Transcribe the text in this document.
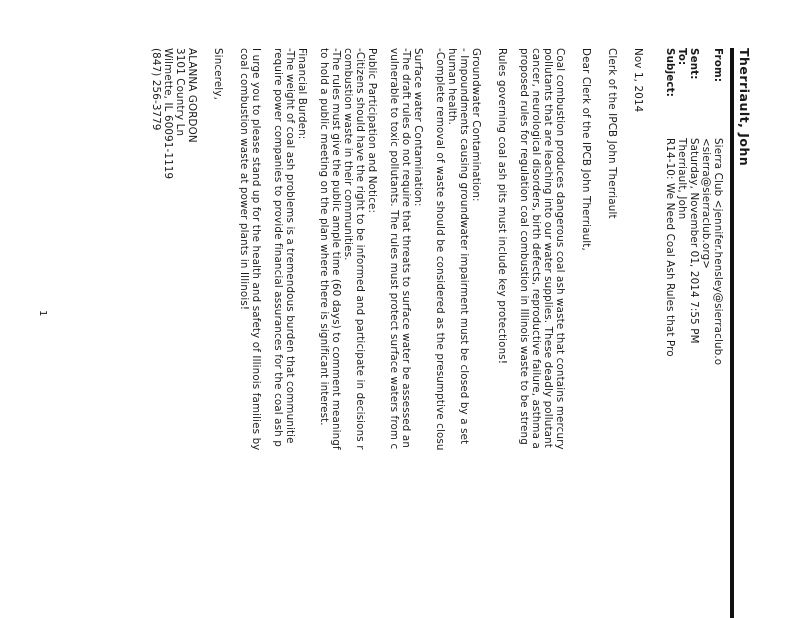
Therriault, John
From:
Sierra Club <jennifer.hensley@sierraclub.o
<sierra@sierraclub.org>
Sent:
Saturday, November 01, 2014 7:55 PM
To:
Therriault, John
Subject:
R14-10: We Need Coal Ash Rules that Pro

Nov 1, 2014

Clerk of the IPCB John Therriault

Dear Clerk of the IPCB John Therriault,

Coal combustion produces dangerous coal ash waste that contains mercury
pollutants that are leaching into our water supplies. These deadly pollutant
cancer, neurological disorders, birth defects, reproductive failure, asthma a
proposed rules for regulation coal combustion in Illinois waste to be streng

Rules governing coal ash pits must include key protections!

Groundwater Contamination:
- Impoundments causing groundwater impairment must be closed by a set
human health.
-Complete removal of waste should be considered as the presumptive closu

Surface water Contamination:
-The draft rules do not require that threats to surface water be assessed an
vulnerable to toxic pollutants. The rules must protect surface waters from c

Public Participation and Notice:
-Citizens should have the right to be informed and participate in decisions r
combustion waste in their communities.
-The rules must give the public ample time (60 days) to comment meaningf
to hold a public meeting on the plan where there is significant interest.

Financial Burden:
-The weight of coal ash problems is a tremendous burden that communitie
require power companies to provide financial assurances for the coal ash p

I urge you to please stand up for the health and safety of Illinois families by
coal combustion waste at power plants in Illinois!

Sincerely,

ALANNA GORDON
3101 Country Ln
Wilmette, IL 60091-1119
(847) 256-3779

1
